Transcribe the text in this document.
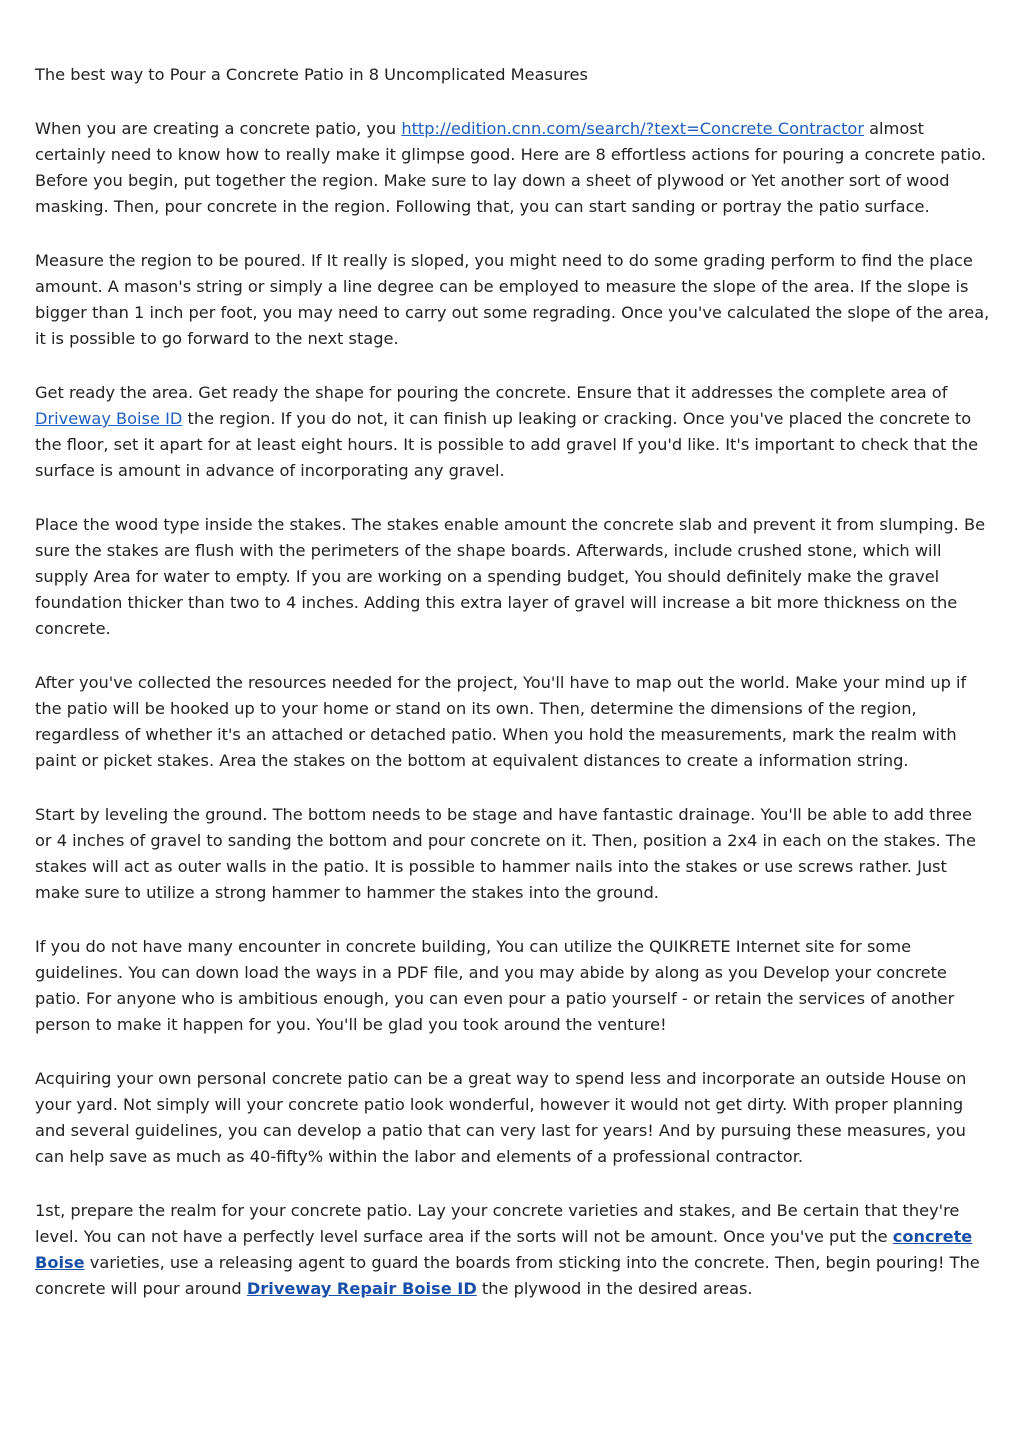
The best way to Pour a Concrete Patio in 8 Uncomplicated Measures

When you are creating a concrete patio, you http://edition.cnn.com/search/?text=Concrete Contractor almost certainly need to know how to really make it glimpse good. Here are 8 effortless actions for pouring a concrete patio. Before you begin, put together the region. Make sure to lay down a sheet of plywood or Yet another sort of wood masking. Then, pour concrete in the region. Following that, you can start sanding or portray the patio surface.

Measure the region to be poured. If It really is sloped, you might need to do some grading perform to find the place amount. A mason's string or simply a line degree can be employed to measure the slope of the area. If the slope is bigger than 1 inch per foot, you may need to carry out some regrading. Once you've calculated the slope of the area, it is possible to go forward to the next stage.

Get ready the area. Get ready the shape for pouring the concrete. Ensure that it addresses the complete area of Driveway Boise ID the region. If you do not, it can finish up leaking or cracking. Once you've placed the concrete to the floor, set it apart for at least eight hours. It is possible to add gravel If you'd like. It's important to check that the surface is amount in advance of incorporating any gravel.

Place the wood type inside the stakes. The stakes enable amount the concrete slab and prevent it from slumping. Be sure the stakes are flush with the perimeters of the shape boards. Afterwards, include crushed stone, which will supply Area for water to empty. If you are working on a spending budget, You should definitely make the gravel foundation thicker than two to 4 inches. Adding this extra layer of gravel will increase a bit more thickness on the concrete.

After you've collected the resources needed for the project, You'll have to map out the world. Make your mind up if the patio will be hooked up to your home or stand on its own. Then, determine the dimensions of the region, regardless of whether it's an attached or detached patio. When you hold the measurements, mark the realm with paint or picket stakes. Area the stakes on the bottom at equivalent distances to create a information string.

Start by leveling the ground. The bottom needs to be stage and have fantastic drainage. You'll be able to add three or 4 inches of gravel to sanding the bottom and pour concrete on it. Then, position a 2x4 in each on the stakes. The stakes will act as outer walls in the patio. It is possible to hammer nails into the stakes or use screws rather. Just make sure to utilize a strong hammer to hammer the stakes into the ground.

If you do not have many encounter in concrete building, You can utilize the QUIKRETE Internet site for some guidelines. You can down load the ways in a PDF file, and you may abide by along as you Develop your concrete patio. For anyone who is ambitious enough, you can even pour a patio yourself - or retain the services of another person to make it happen for you. You'll be glad you took around the venture!

Acquiring your own personal concrete patio can be a great way to spend less and incorporate an outside House on your yard. Not simply will your concrete patio look wonderful, however it would not get dirty. With proper planning and several guidelines, you can develop a patio that can very last for years! And by pursuing these measures, you can help save as much as 40-fifty% within the labor and elements of a professional contractor.

1st, prepare the realm for your concrete patio. Lay your concrete varieties and stakes, and Be certain that they're level. You can not have a perfectly level surface area if the sorts will not be amount. Once you've put the concrete Boise varieties, use a releasing agent to guard the boards from sticking into the concrete. Then, begin pouring! The concrete will pour around Driveway Repair Boise ID the plywood in the desired areas.
